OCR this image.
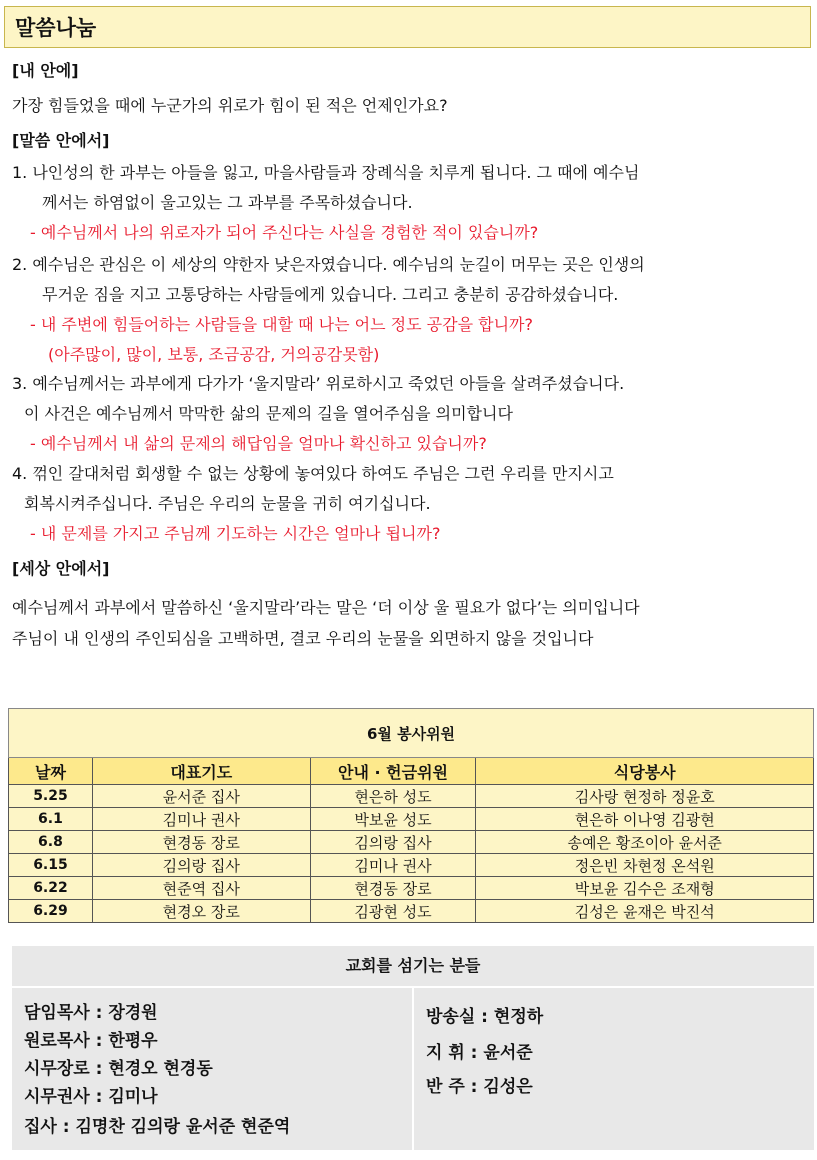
말씀나눔
[내 안에]
가장 힘들었을 때에 누군가의 위로가 힘이 된 적은 언제인가요?
[말씀 안에서]
1. 나인성의 한 과부는 아들을 잃고, 마을사람들과 장례식을 치루게 됩니다. 그 때에 예수님
께서는 하염없이 울고있는 그 과부를 주목하셨습니다.
- 예수님께서 나의 위로자가 되어 주신다는 사실을 경험한 적이 있습니까?
2. 예수님은 관심은 이 세상의 약한자 낮은자였습니다. 예수님의 눈길이 머무는 곳은 인생의
무거운 짐을 지고 고통당하는 사람들에게 있습니다. 그리고 충분히 공감하셨습니다.
- 내 주변에 힘들어하는 사람들을 대할 때 나는 어느 정도 공감을 합니까?
(아주많이, 많이, 보통, 조금공감, 거의공감못함)
3. 예수님께서는 과부에게 다가가 ‘울지말라’ 위로하시고 죽었던 아들을 살려주셨습니다.
이 사건은 예수님께서 막막한 삶의 문제의 길을 열어주심을 의미합니다
- 예수님께서 내 삶의 문제의 해답임을 얼마나 확신하고 있습니까?
4. 꺾인 갈대처럼 회생할 수 없는 상황에 놓여있다 하여도 주님은 그런 우리를 만지시고
회복시켜주십니다. 주님은 우리의 눈물을 귀히 여기십니다.
- 내 문제를 가지고 주님께 기도하는 시간은 얼마나 됩니까?
[세상 안에서]
예수님께서 과부에서 말씀하신 ‘울지말라’라는 말은 ‘더 이상 울 필요가 없다’는 의미입니다
주님이 내 인생의 주인되심을 고백하면, 결코 우리의 눈물을 외면하지 않을 것입니다
6월 봉사위원			
날짜	대표기도	안내 · 헌금위원	식당봉사
5.25	윤서준 집사	현은하 성도	김사랑 현정하 정윤호
6.1	김미나 권사	박보윤 성도	현은하 이나영 김광현
6.8	현경동 장로	김의랑 집사	송예은 황조이아 윤서준
6.15	김의랑 집사	김미나 권사	정은빈 차현정 온석원
6.22	현준역 집사	현경동 장로	박보윤 김수은 조재형
6.29	현경오 장로	김광현 성도	김성은 윤재은 박진석
교회를 섬기는 분들
담임목사 : 장경원
원로목사 : 한평우
시무장로 : 현경오 현경동
시무권사 : 김미나
집사 : 김명찬 김의랑 윤서준 현준역
방송실 : 현정하
지 휘 : 윤서준
반 주 : 김성은
